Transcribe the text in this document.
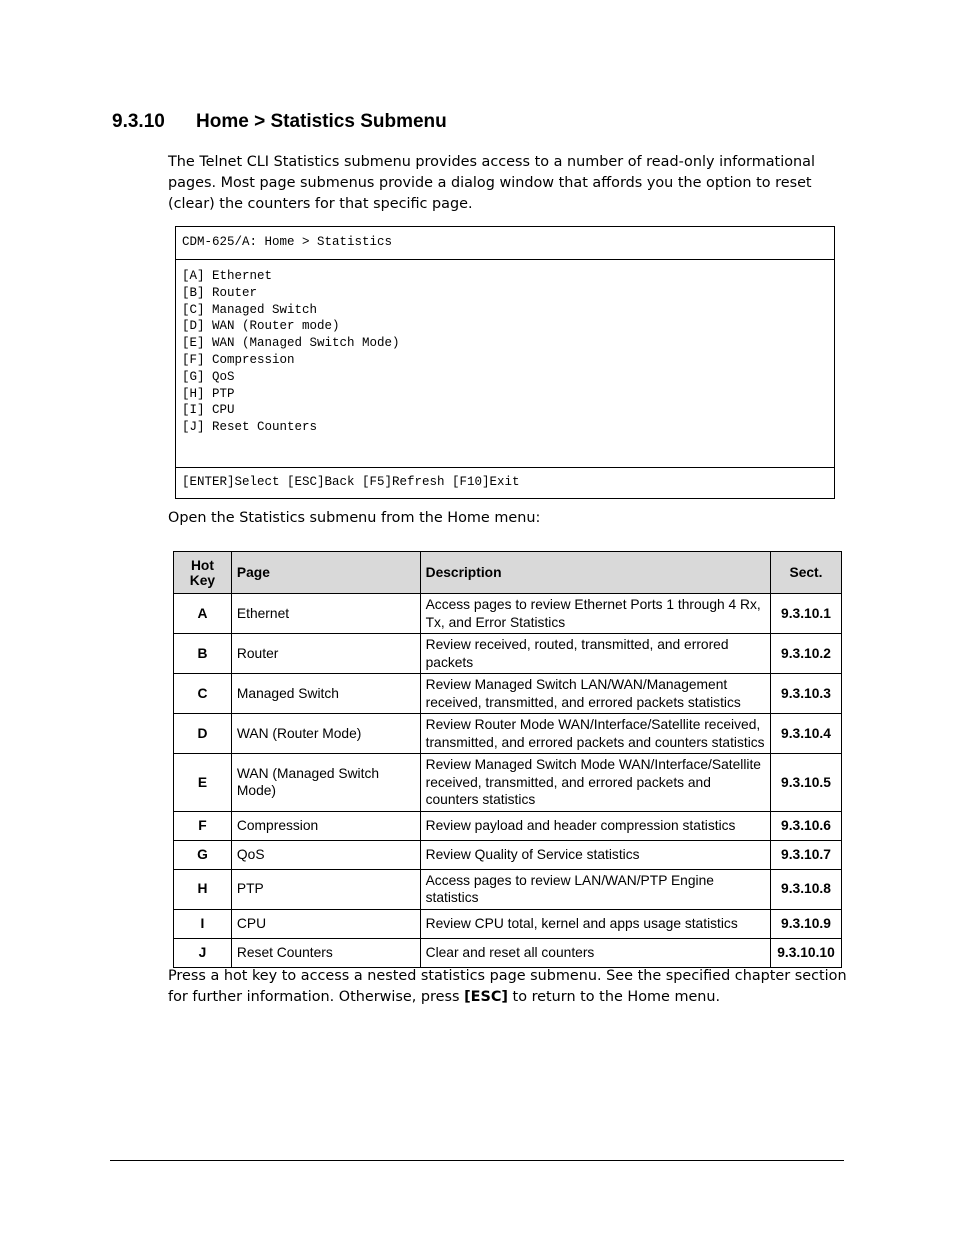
9.3.10 Home > Statistics Submenu
The Telnet CLI Statistics submenu provides access to a number of read-only informational pages. Most page submenus provide a dialog window that affords you the option to reset (clear) the counters for that specific page.
CDM-625/A: Home > Statistics
[A] Ethernet
[B] Router
[C] Managed Switch
[D] WAN (Router mode)
[E] WAN (Managed Switch Mode)
[F] Compression
[G] QoS
[H] PTP
[I] CPU
[J] Reset Counters
[ENTER]Select [ESC]Back [F5]Refresh [F10]Exit
Open the Statistics submenu from the Home menu:
Hot Key	Page	Description	Sect.
A	Ethernet	Access pages to review Ethernet Ports 1 through 4 Rx, Tx, and Error Statistics	9.3.10.1
B	Router	Review received, routed, transmitted, and errored packets	9.3.10.2
C	Managed Switch	Review Managed Switch LAN/WAN/Management received, transmitted, and errored packets statistics	9.3.10.3
D	WAN (Router Mode)	Review Router Mode WAN/Interface/Satellite received, transmitted, and errored packets and counters statistics	9.3.10.4
E	WAN (Managed Switch Mode)	Review Managed Switch Mode WAN/Interface/Satellite received, transmitted, and errored packets and counters statistics	9.3.10.5
F	Compression	Review payload and header compression statistics	9.3.10.6
G	QoS	Review Quality of Service statistics	9.3.10.7
H	PTP	Access pages to review LAN/WAN/PTP Engine statistics	9.3.10.8
I	CPU	Review CPU total, kernel and apps usage statistics	9.3.10.9
J	Reset Counters	Clear and reset all counters	9.3.10.10
Press a hot key to access a nested statistics page submenu. See the specified chapter section for further information. Otherwise, press [ESC] to return to the Home menu.
